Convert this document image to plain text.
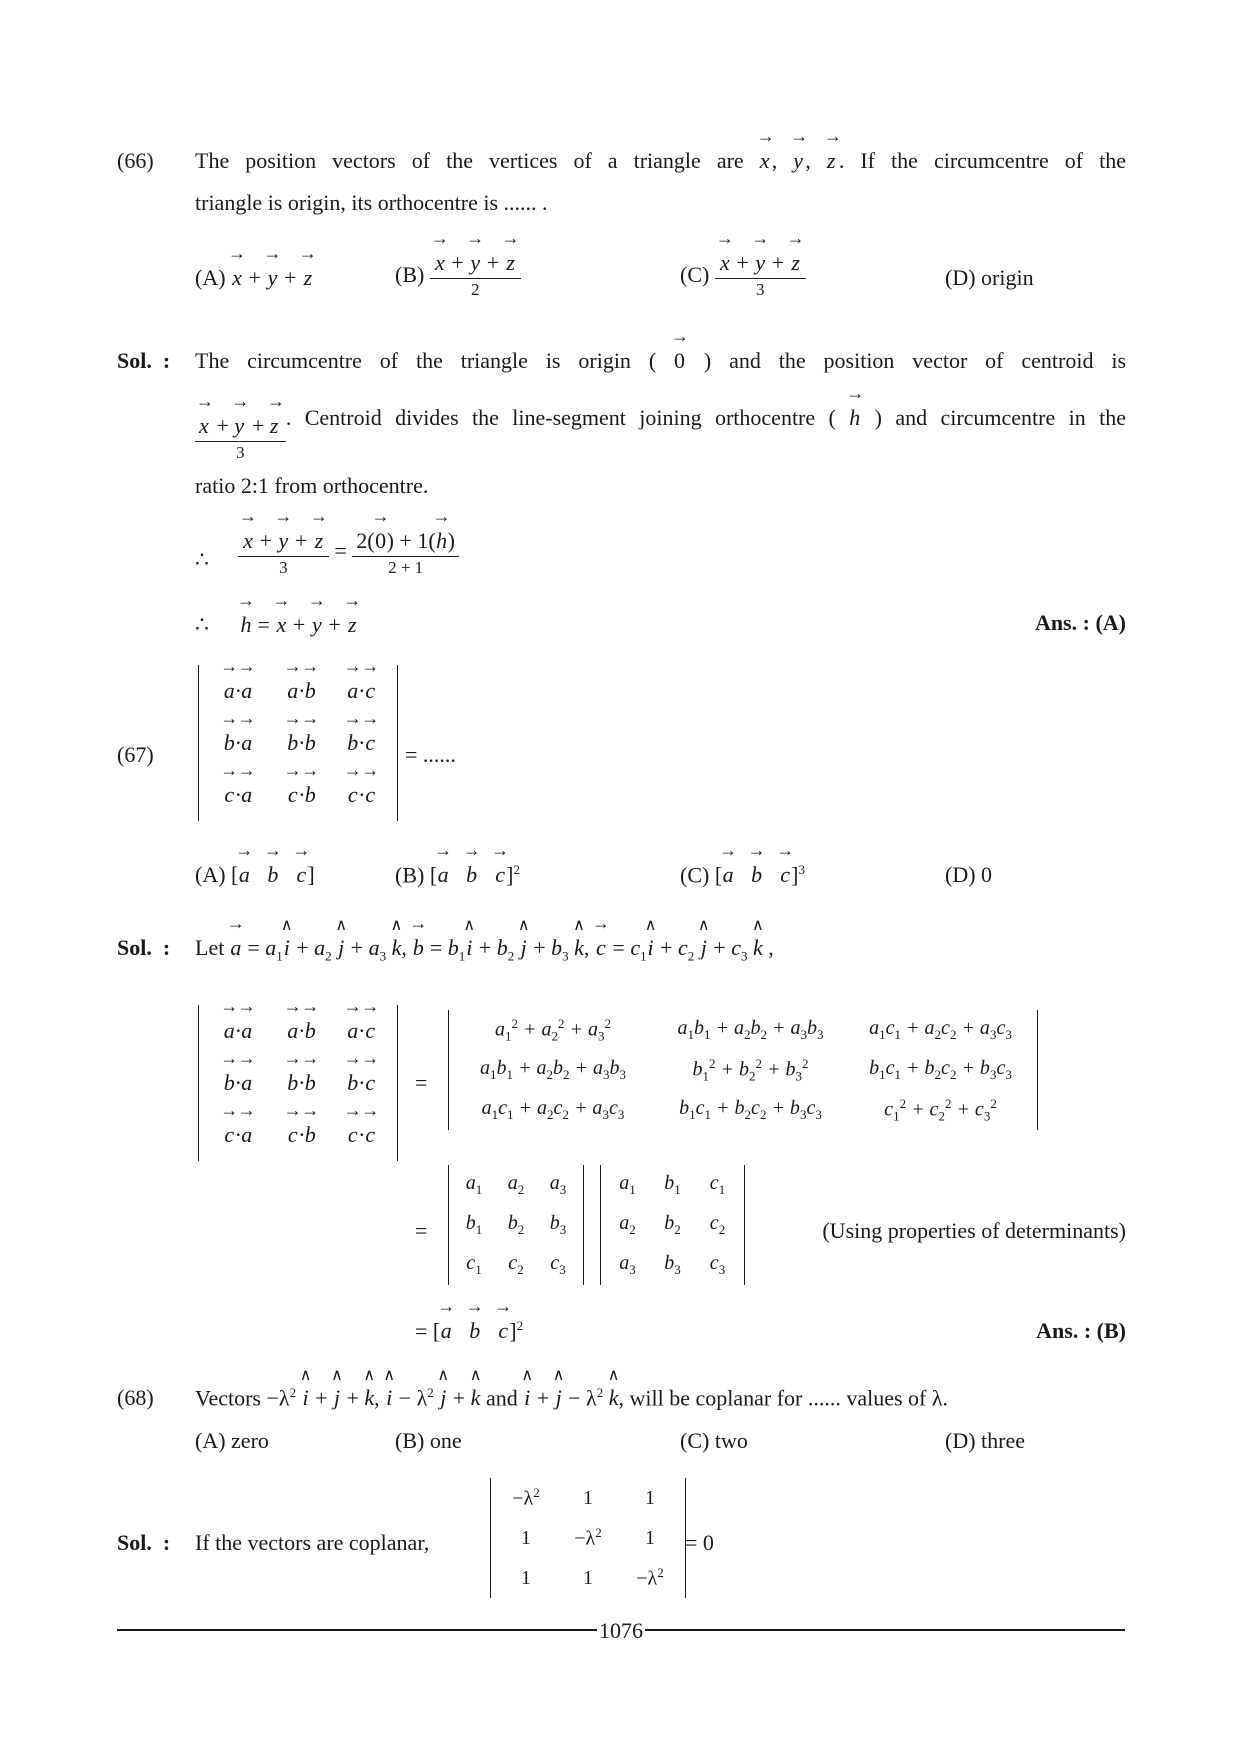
(66) The position vectors of the vertices of a triangle are → x , → y , → z . If the circumcentre of the
triangle is origin, its orthocentre is ...... .
(A) → x + → y + → z	$(B) \to \frac{x + \to y + \to z}{2}$	$(C) \to \frac{x + \to y + \to z}{3}$	(D) origin
Sol.  : The circumcentre of the triangle is origin ( → 0 ) and the position vector of centroid is
→ $\frac{x + \to y + \to z}{3}$ . Centroid divides the line-segment joining orthocentre ( → h ) and circumcentre in the
ratio 2:1 from orthocentre.
∴ → $\frac{x + \to y + \to z}{3} = \frac{2(\to 0) + 1(\to h)}{2 + 1}$
∴ → h = → x + → y + → z	Ans. : (A)
(67)
→ a·→ a	→ a·→ b	→ a·→ c
→ b·→ a	→ b·→ b	→ b·→ c
→ c·→ a	→ c·→ b	→ c·→ c
= ......
(A) [→ a → b → c]	(B) [→ a → b → c]$^2$	(C) [→ a → b → c]$^3$	(D) 0
Sol.  : Let → $a = a_1\wedge$ $i + a_2$ ∧ $j + a_3$ ∧ k, → $b = b_1\wedge$ $i + b_2$ ∧ $j + b_3$ ∧ k, → $c = c_1\wedge$ $i + c_2$ ∧ $j + c_3$ ∧ k ,
→ a·→ a	→ a·→ b	→ a·→ c
→ b·→ a	→ b·→ b	→ b·→ c
→ c·→ a	→ c·→ b	→ c·→ c
=
$a_1^2 + a_2^2 + a_3^2$	$a_1b_1 + a_2b_2 + a_3b_3$	$a_1c_1 + a_2c_2 + a_3c_3$
$a_1b_1 + a_2b_2 + a_3b_3$	$b_1^2 + b_2^2 + b_3^2$	$b_1c_1 + b_2c_2 + b_3c_3$
$a_1c_1 + a_2c_2 + a_3c_3$	$b_1c_1 + b_2c_2 + b_3c_3$	$c_1^2 + c_2^2 + c_3^2$
=
$a_1$	$a_2$	$a_3$
$b_1$	$b_2$	$b_3$
$c_1$	$c_2$	$c_3$
$a_1$	$b_1$	$c_1$
$a_2$	$b_2$	$c_2$
$a_3$	$b_3$	$c_3$
(Using properties of determinants)
= [→ a → b → c]$^2$	Ans. : (B)
(68) Vectors $-\lambda^2$ ∧ i + ∧ j + ∧ k, ∧ $i - \lambda^2$ ∧ j + ∧ k and ∧ i + ∧ $j - \lambda^2$ ∧ k, will be coplanar for ...... values of λ.
(A) zero	(B) one	(C) two	(D) three
Sol.  : If the vectors are coplanar,
$-\lambda^2$	1	1
1	$-\lambda^2$	1
1	1	$-\lambda^2$
= 0
1076
